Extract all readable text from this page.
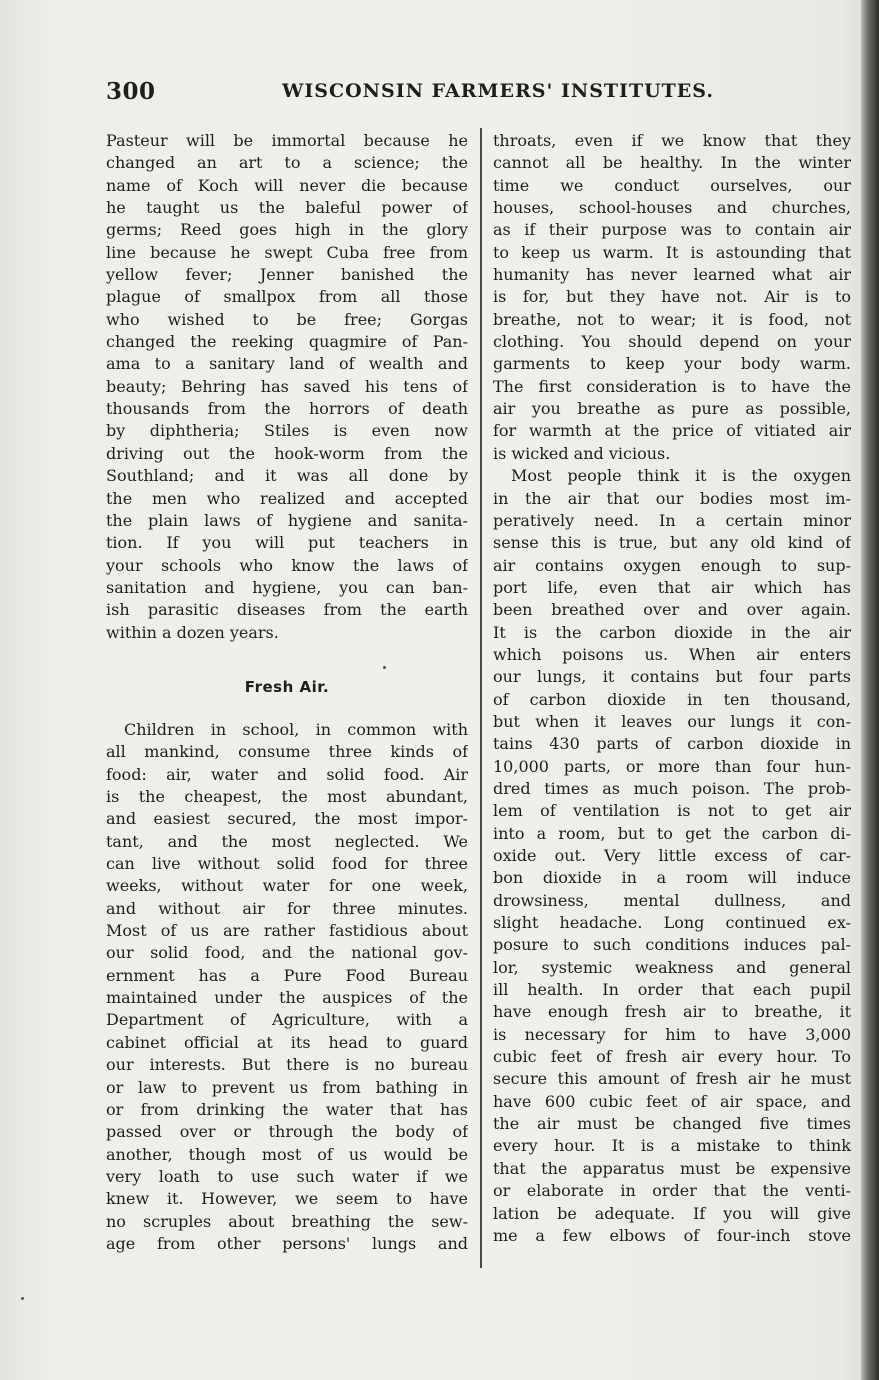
300	WISCONSIN FARMERS' INSTITUTES.
Pasteur will be immortal because he
changed an art to a science; the
name of Koch will never die because
he taught us the baleful power of
germs; Reed goes high in the glory
line because he swept Cuba free from
yellow fever; Jenner banished the
plague of smallpox from all those
who wished to be free; Gorgas
changed the reeking quagmire of Pan-
ama to a sanitary land of wealth and
beauty; Behring has saved his tens of
thousands from the horrors of death
by diphtheria; Stiles is even now
driving out the hook-worm from the
Southland; and it was all done by
the men who realized and accepted
the plain laws of hygiene and sanita-
tion. If you will put teachers in
your schools who know the laws of
sanitation and hygiene, you can ban-
ish parasitic diseases from the earth
within a dozen years.
Fresh Air.
Children in school, in common with
all mankind, consume three kinds of
food: air, water and solid food. Air
is the cheapest, the most abundant,
and easiest secured, the most impor-
tant, and the most neglected. We
can live without solid food for three
weeks, without water for one week,
and without air for three minutes.
Most of us are rather fastidious about
our solid food, and the national gov-
ernment has a Pure Food Bureau
maintained under the auspices of the
Department of Agriculture, with a
cabinet official at its head to guard
our interests. But there is no bureau
or law to prevent us from bathing in
or from drinking the water that has
passed over or through the body of
another, though most of us would be
very loath to use such water if we
knew it. However, we seem to have
no scruples about breathing the sew-
age from other persons' lungs and
throats, even if we know that they
cannot all be healthy. In the winter
time we conduct ourselves, our
houses, school-houses and churches,
as if their purpose was to contain air
to keep us warm. It is astounding that
humanity has never learned what air
is for, but they have not. Air is to
breathe, not to wear; it is food, not
clothing. You should depend on your
garments to keep your body warm.
The first consideration is to have the
air you breathe as pure as possible,
for warmth at the price of vitiated air
is wicked and vicious.
Most people think it is the oxygen
in the air that our bodies most im-
peratively need. In a certain minor
sense this is true, but any old kind of
air contains oxygen enough to sup-
port life, even that air which has
been breathed over and over again.
It is the carbon dioxide in the air
which poisons us. When air enters
our lungs, it contains but four parts
of carbon dioxide in ten thousand,
but when it leaves our lungs it con-
tains 430 parts of carbon dioxide in
10,000 parts, or more than four hun-
dred times as much poison. The prob-
lem of ventilation is not to get air
into a room, but to get the carbon di-
oxide out. Very little excess of car-
bon dioxide in a room will induce
drowsiness, mental dullness, and
slight headache. Long continued ex-
posure to such conditions induces pal-
lor, systemic weakness and general
ill health. In order that each pupil
have enough fresh air to breathe, it
is necessary for him to have 3,000
cubic feet of fresh air every hour. To
secure this amount of fresh air he must
have 600 cubic feet of air space, and
the air must be changed five times
every hour. It is a mistake to think
that the apparatus must be expensive
or elaborate in order that the venti-
lation be adequate. If you will give
me a few elbows of four-inch stove
